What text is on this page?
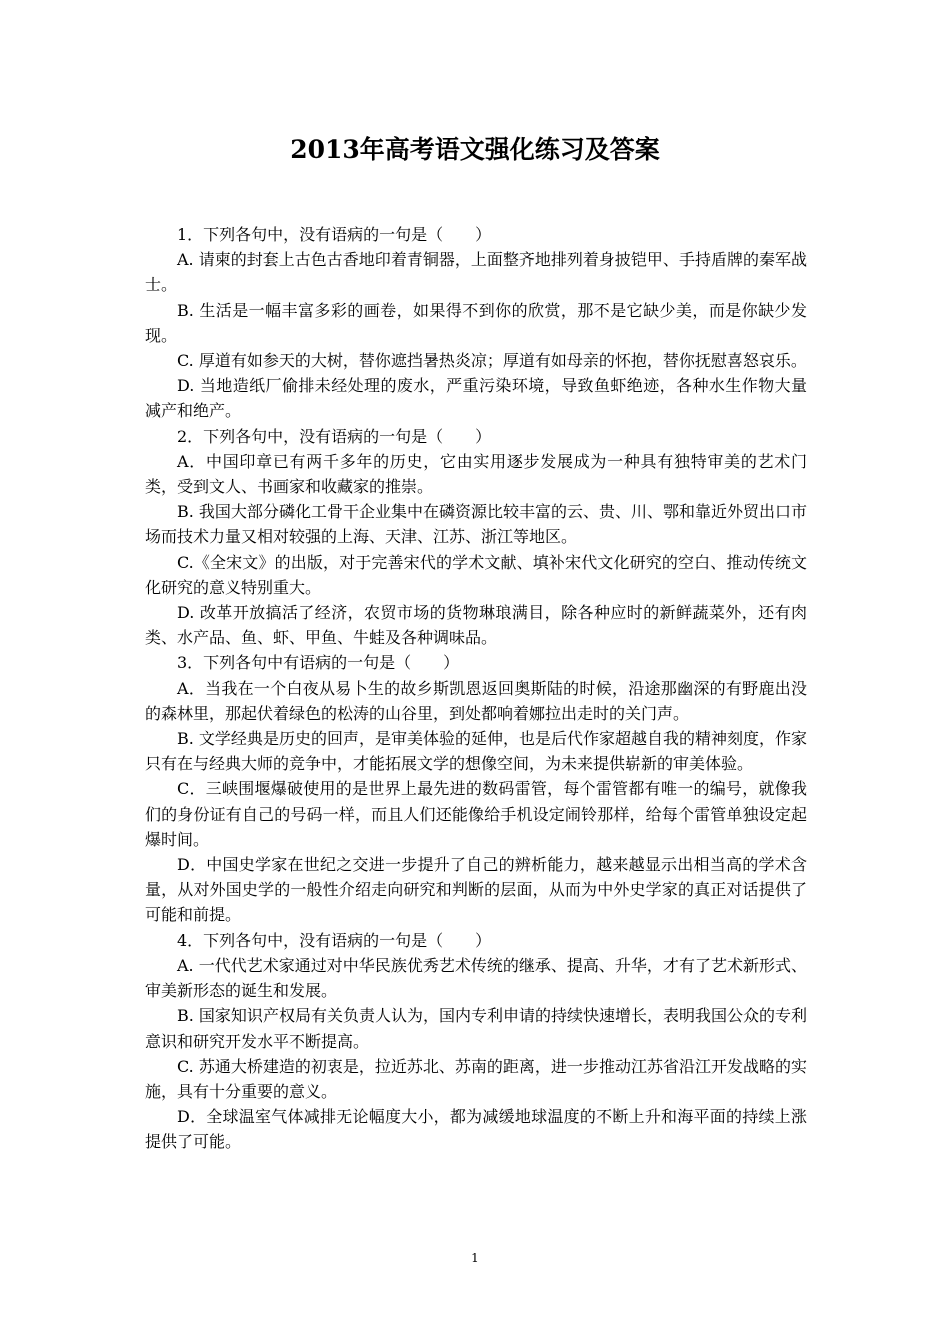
2013年高考语文强化练习及答案

1．下列各句中，没有语病的一句是（　　）

A. 请柬的封套上古色古香地印着青铜器，上面整齐地排列着身披铠甲、手持盾牌的秦军战士。

B. 生活是一幅丰富多彩的画卷，如果得不到你的欣赏，那不是它缺少美，而是你缺少发现。

C. 厚道有如参天的大树，替你遮挡暑热炎凉；厚道有如母亲的怀抱，替你抚慰喜怒哀乐。

D. 当地造纸厂偷排未经处理的废水，严重污染环境，导致鱼虾绝迹，各种水生作物大量减产和绝产。

2．下列各句中，没有语病的一句是（　　）

A．中国印章已有两千多年的历史，它由实用逐步发展成为一种具有独特审美的艺术门类，受到文人、书画家和收藏家的推崇。

B. 我国大部分磷化工骨干企业集中在磷资源比较丰富的云、贵、川、鄂和靠近外贸出口市场而技术力量又相对较强的上海、天津、江苏、浙江等地区。

C.《全宋文》的出版，对于完善宋代的学术文献、填补宋代文化研究的空白、推动传统文化研究的意义特别重大。

D. 改革开放搞活了经济，农贸市场的货物琳琅满目，除各种应时的新鲜蔬菜外，还有肉类、水产品、鱼、虾、甲鱼、牛蛙及各种调味品。

3．下列各句中有语病的一句是（　　）

A．当我在一个白夜从易卜生的故乡斯凯恩返回奥斯陆的时候，沿途那幽深的有野鹿出没的森林里，那起伏着绿色的松涛的山谷里，到处都响着娜拉出走时的关门声。

B. 文学经典是历史的回声，是审美体验的延伸，也是后代作家超越自我的精神刻度，作家只有在与经典大师的竞争中，才能拓展文学的想像空间，为未来提供崭新的审美体验。

C．三峡围堰爆破使用的是世界上最先进的数码雷管，每个雷管都有唯一的编号，就像我们的身份证有自己的号码一样，而且人们还能像给手机设定闹铃那样，给每个雷管单独设定起爆时间。

D．中国史学家在世纪之交进一步提升了自己的辨析能力，越来越显示出相当高的学术含量，从对外国史学的一般性介绍走向研究和判断的层面，从而为中外史学家的真正对话提供了可能和前提。

4．下列各句中，没有语病的一句是（　　）

A. 一代代艺术家通过对中华民族优秀艺术传统的继承、提高、升华，才有了艺术新形式、审美新形态的诞生和发展。

B. 国家知识产权局有关负责人认为，国内专利申请的持续快速增长，表明我国公众的专利意识和研究开发水平不断提高。

C. 苏通大桥建造的初衷是，拉近苏北、苏南的距离，进一步推动江苏省沿江开发战略的实施，具有十分重要的意义。

D．全球温室气体减排无论幅度大小，都为减缓地球温度的不断上升和海平面的持续上涨提供了可能。

1
